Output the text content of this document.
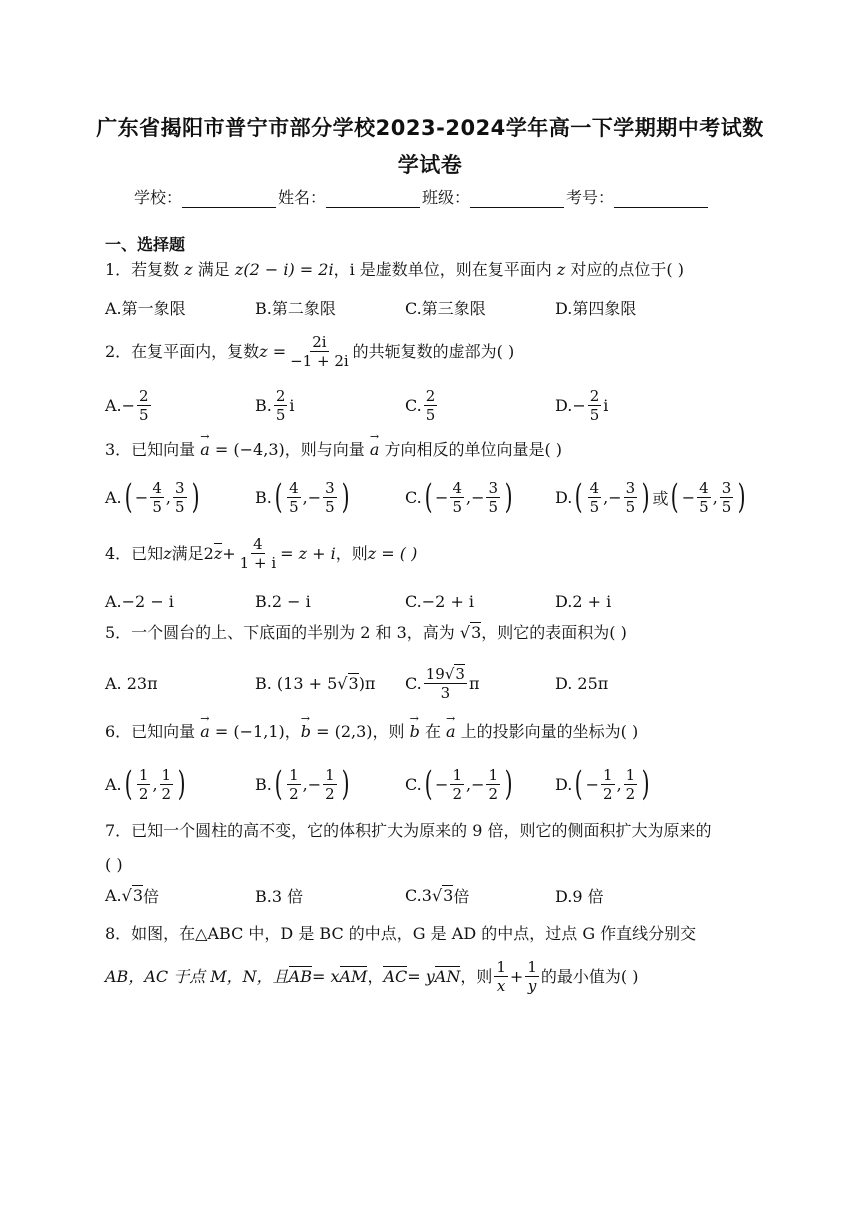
广东省揭阳市普宁市部分学校2023-2024学年高一下学期期中考试数
学试卷
学校：	姓名：	班级：	考号：
一、选择题
1．若复数 z 满足 z(2 − i) = 2i，i 是虚数单位，则在复平面内 z 对应的点位于( )
A.第一象限	B.第二象限	C.第三象限	D.第四象限
2．在复平面内，复数 $z = \frac{2i}{-1 + 2i}$ 的共轭复数的虚部为( )
$A.- \frac{2}{5}$	B. $\frac{2}{5}$ i	C. $\frac{2}{5}$	$D.- \frac{2}{5}$ i
3．已知向量 → a = (−4,3)，则与向量 → a 方向相反的单位向量是( )
A. ( − $\frac{4}{5}$ , $\frac{3}{5}$ )	B. ( $\frac{4}{5}$ ,− $\frac{3}{5}$ )	C. ( − $\frac{4}{5}$ ,− $\frac{3}{5}$ )	D. ( $\frac{4}{5}$ ,− $\frac{3}{5}$ ) 或 ( − $\frac{4}{5}$ , $\frac{3}{5}$ )
4．已知 z 满足 2 $z + \frac{4}{1 + i} = z + i$ ，则 z = ( )
A. −2 − i	B. 2 − i	C. −2 + i	D. 2 + i
5．一个圆台的上、下底面的半别为 2 和 3，高为 √3，则它的表面积为( )
A. 23π	B. (13 + 5 √ 3 )π C. $\frac{19√3}{3}$ π	D. 25π
6．已知向量 → a = (−1,1)，→ b = (2,3)，则 → b 在 → a 上的投影向量的坐标为( )
A. ( $\frac{1}{2}$ , $\frac{1}{2}$ )	B. ( $\frac{1}{2}$ ,− $\frac{1}{2}$ )	C. ( − $\frac{1}{2}$ ,− $\frac{1}{2}$ )	D. ( − $\frac{1}{2}$ , $\frac{1}{2}$ )
7．已知一个圆柱的高不变，它的体积扩大为原来的 9 倍，则它的侧面积扩大为原来的
( )
A. √ 3 倍	B.3 倍	C.3 √ 3 倍	D.9 倍
8．如图，在△ABC 中，D 是 BC 的中点，G 是 AD 的中点，过点 G 作直线分别交
AB，AC 于点 M，N，且 AB = x AM ， AC = y AN ，则 $\frac{1}{x} + \frac{1}{y}$ 的最小值为( )
